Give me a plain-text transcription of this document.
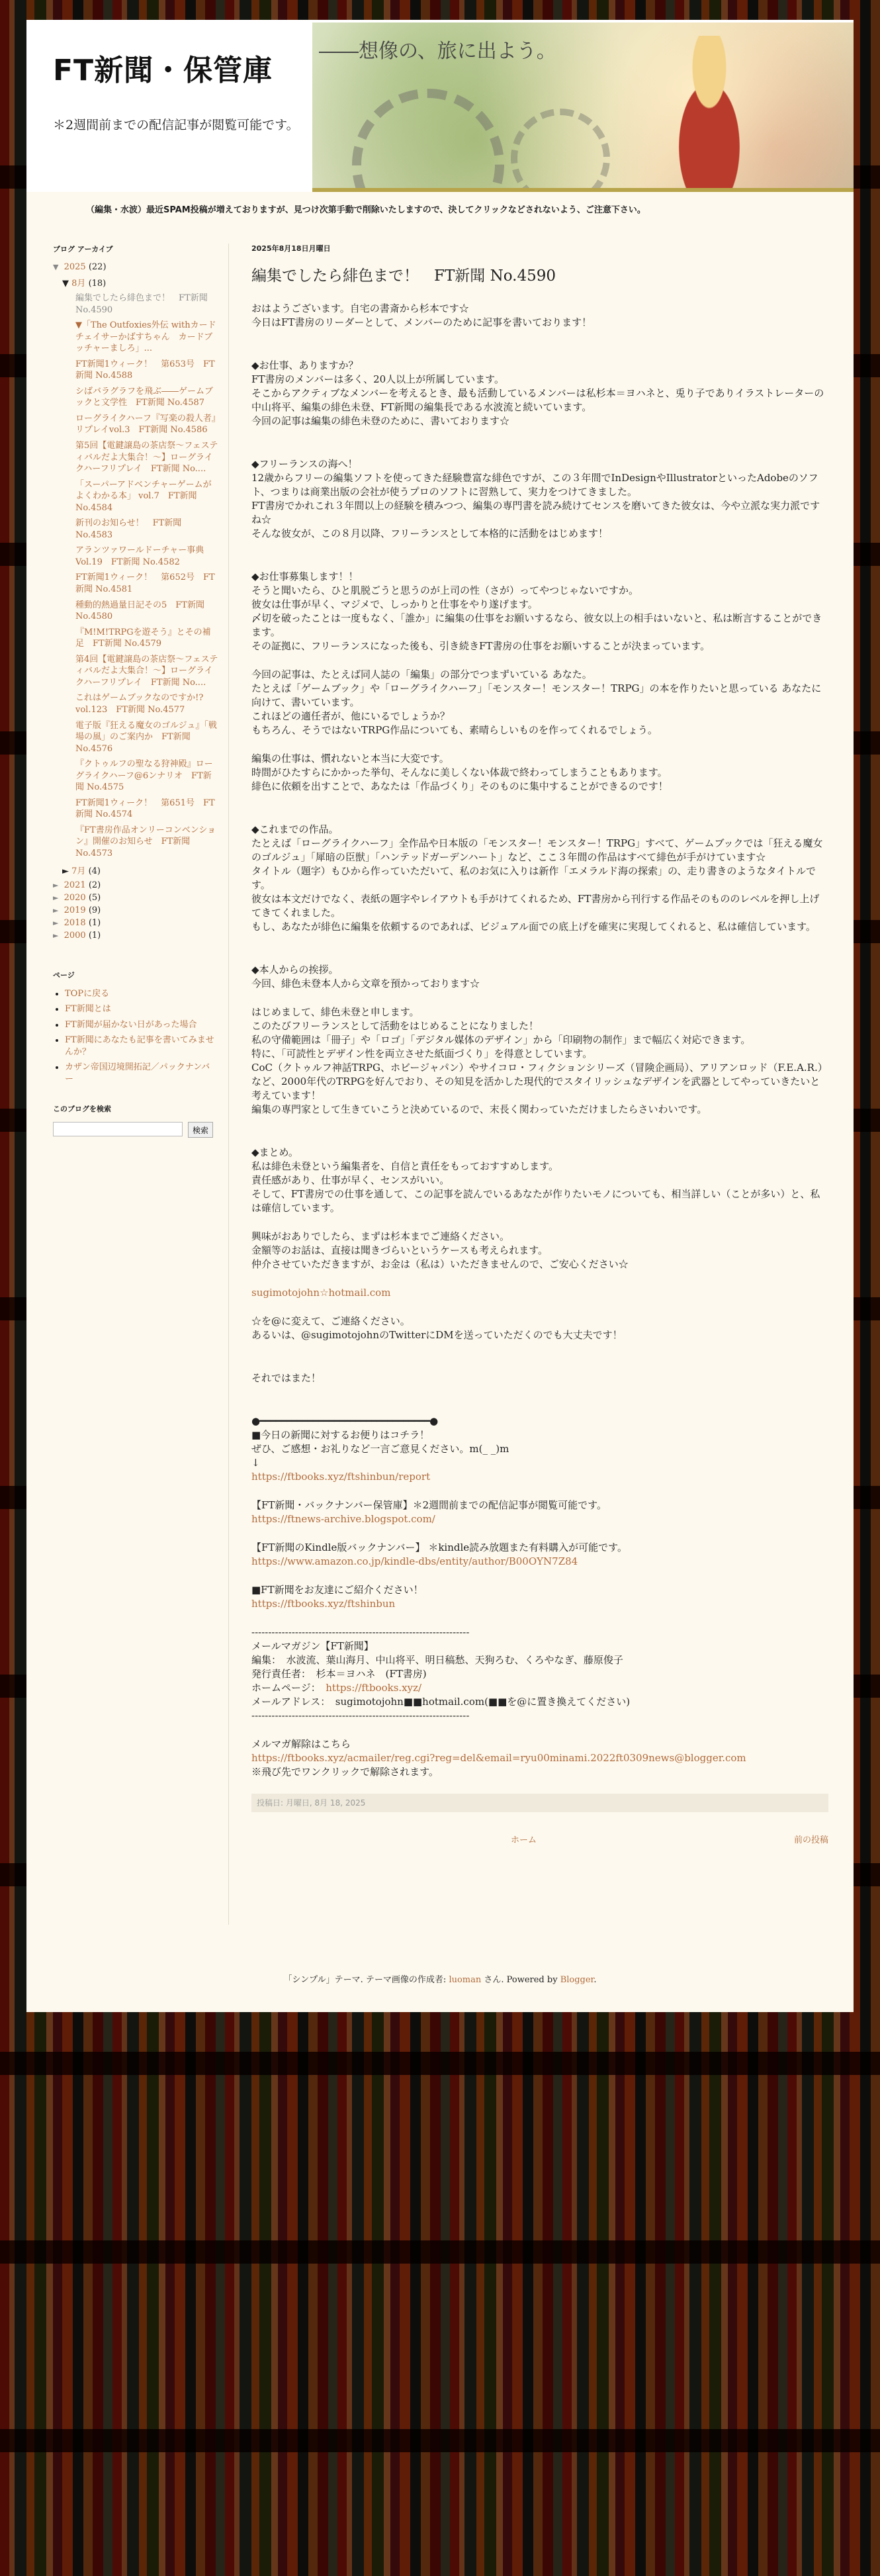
FT新聞・保管庫
＊2週間前までの配信記事が閲覧可能です。
――想像の、旅に出よう。
（編集・水波）最近SPAM投稿が増えておりますが、見つけ次第手動で削除いたしますので、決してクリックなどされないよう、ご注意下さい。
ブログ アーカイブ
▼ 2025 (22)
▼ 8月 (18)
編集でしたら緋色まで！　FT新聞 No.4590
▼「The Outfoxies外伝 withカードチェイサーかばすちゃん　カードブッチャーましろ」...
FT新聞1ウィーク！　第653号　FT新聞 No.4588
シばバラグラフを飛ぶ――ゲームブックと文学性　FT新聞 No.4587
ローグライクハーフ『写楽の殺人者』リプレイvol.3　FT新聞 No.4586
第5回【電鍵譲島の茶店祭〜フェスティバルだよ大集合！〜】ローグライクハーフリプレイ　FT新聞 No....
「スーパーアドベンチャーゲームがよくわかる本」 vol.7　FT新聞 No.4584
新刊のお知らせ！　FT新聞 No.4583
アランツァワールドーチャー事典　Vol.19　FT新聞 No.4582
FT新聞1ウィーク！　第652号　FT新聞 No.4581
種動的熱過量日記その5　FT新聞 No.4580
『M!M!TRPGを遊そう』とその補足　FT新聞 No.4579
第4回【電鍵譲島の茶店祭〜フェスティバルだよ大集合！〜】ローグライクハーフリプレイ　FT新聞 No....
これはゲームブックなのですか!?　vol.123　FT新聞 No.4577
電子版『狂える魔女のゴルジュ』「戦場の風」のご案内か　FT新聞 No.4576
『クトゥルフの聖なる狩神殿』ローグライクハーフ@6ンナリオ　FT新聞 No.4575
FT新聞1ウィーク！　第651号　FT新聞 No.4574
『FT書房作品オンリーコンベンション』開催のお知らせ　FT新聞 No.4573
► 7月 (4)
► 2021 (2)
► 2020 (5)
► 2019 (9)
► 2018 (1)
► 2000 (1)
ページ
• TOPに戻る
• FT新聞とは
• FT新聞が届かない日があった場合
• FT新聞にあなたも記事を書いてみませんか？
• カザン帝国辺境開拓記／パックナンバー
このブログを検索
検索
2025年8月18日月曜日
編集でしたら緋色まで！　FT新聞 No.4590

おはようございます。自宅の書斎から杉本です☆
今日はFT書房のリーダーとして、メンバーのために記事を書いております！

◆お仕事、ありますか？
FT書房のメンバーは多く、20人以上が所属しています。
そこからアクティブなメンバーを考えるとき、最も活動しているメンバーは私杉本＝ヨハネと、兎り子でありイラストレーターの中山将平、編集の緋色未登、FT新聞の編集長である水波流と続いています。
今回の記事は編集の緋色未登のために、書いております☆

◆フリーランスの海へ！
12歳からフリーの編集ソフトを使ってきた経験豊富な緋色ですが、この３年間でInDesignやIllustratorといったAdobeのソフト、つまりは商業出版の会社が使うプロのソフトに習熟して、実力をつけてきました。
FT書房でかれこれ３年間以上の経験を積みつつ、編集の専門書を読み続けてセンスを磨いてきた彼女は、今や立派な実力派ですね☆
そんな彼女が、この８月以降、フリーランスとして本格的に活動をはじめます！

◆お仕事募集します！！
そうと聞いたら、ひと肌脱ごうと思うのが上司の性（さが）ってやつじゃないですか。
彼女は仕事が早く、マジメで、しっかりと仕事をやり遂げます。
〆切を破ったことは一度もなく、「誰か」に編集の仕事をお願いするなら、彼女以上の相手はいないと、私は断言することができます。
その証拠に、フリーランスになった後も、引き続きFT書房の仕事をお願いすることが決まっています。

今回の記事は、たとえば同人誌の「編集」の部分でつまずいている あなた。
たとえば「ゲームブック」や「ローグライクハーフ」「モンスター！モンスター！TRPG」の本を作りたいと思っている あなたに向けて、書いています。
これほどの適任者が、他にいるでしょうか？
もちろん、そうではないTRPG作品についても、素晴らしいものを作ってくれるでしょう。

編集の仕事は、慣れないと本当に大変です。
時間がひたすらにかかった挙句、そんなに美しくない体裁で終わってしまうこともあります。
緋色に依頼を出すことで、あなたは「作品づくり」そのものに集中することができるのです！

◆これまでの作品。
たとえば「ローグライクハーフ」全作品や日本版の「モンスター！モンスター！TRPG」すべて、ゲームブックでは「狂える魔女のゴルジュ」「犀暗の臣獣」「ハンテッドガーデンハート」など、ここ３年間の作品はすべて緋色が手がけています☆
タイトル（題字）もひから作っていただいて、私のお気に入りは新作「エメラルド海の探索」の、走り書きのようなタイトルです。
彼女は本文だけでなく、表紙の題字やレイアウトも手がけてくれるため、FT書房から刊行する作品そのもののレベルを押し上げてきてくれました。
もし、あなたが緋色に編集を依頼するのであれば、ビジュアル面での底上げを確実に実現してくれると、私は確信しています。

◆本人からの挨拶。
今回、緋色未登本人から文章を預かっております☆

はじめまして、緋色未登と申します。
このたびフリーランスとして活動をはじめることになりました！
私の守備範囲は「冊子」や「ロゴ」「デジタル媒体のデザイン」から「印刷物の制作」まで幅広く対応できます。
特に、「可読性とデザイン性を両立させた紙面づくり」を得意としています。
CoC（クトゥルフ神話TRPG、ホビージャパン）やサイコロ・フィクションシリーズ（冒険企画局）、アリアンロッド（F.E.A.R.）など、2000年代のTRPGを好んでおり、その知見を活かした現代的でスタイリッシュなデザインを武器としてやっていきたいと考えています！
編集の専門家として生きていこうと決めているので、末長く関わっていただけましたらさいわいです。

◆まとめ。
私は緋色未登という編集者を、自信と責任をもっておすすめします。
責任感があり、仕事が早く、センスがいい。
そして、FT書房での仕事を通して、この記事を読んでいるあなたが作りたいモノについても、相当詳しい（ことが多い）と、私は確信しています。

興味がおありでしたら、まずは杉本までご連絡ください。
金額等のお話は、直接は聞きづらいというケースも考えられます。
仲介させていただきますが、お金は（私は）いただきませんので、ご安心ください☆

sugimotojohn☆hotmail.com

☆を@に変えて、ご連絡ください。
あるいは、@sugimotojohnのTwitterにDMを送っていただくのでも大丈夫です！

それではまた！

●━━━━━━━━━━━━━━━━━━━━━━━━━━━━━━━━●

■今日の新聞に対するお便りはコチラ！
ぜひ、ご感想・お礼りなど一言ご意見ください。m(_ _)m
↓

https://ftbooks.xyz/ftshinbun/report

【FT新聞・バックナンバー保管庫】＊2週間前までの配信記事が閲覧可能です。

https://ftnews-archive.blogspot.com/

【FT新聞のKindle版バックナンバー】 ＊kindle読み放題また有料購入が可能です。

https://www.amazon.co.jp/kindle-dbs/entity/author/B00OYN7Z84

■FT新聞をお友達にご紹介ください！

https://ftbooks.xyz/ftshinbun

-----------------------------------------------------------------

メールマガジン【FT新聞】

編集：　水波流、葉山海月、中山将平、明日稿愁、天狗ろむ、くろやなぎ、藤原俊子

発行責任者：　杉本＝ヨハネ　(FT書房)

ホームページ：　https://ftbooks.xyz/

メールアドレス：　sugimotojohn■■hotmail.com(■■を@に置き換えてください)

-----------------------------------------------------------------

メルマガ解除はこちら

https://ftbooks.xyz/acmailer/reg.cgi?reg=del&email=ryu00minami.2022ft0309news@blogger.com

※飛び先でワンクリックで解除されます。

投稿日: 月曜日, 8月 18, 2025
ホーム	前の投稿
「シンプル」テーマ. テーマ画像の作成者: luoman さん. Powered by Blogger.
